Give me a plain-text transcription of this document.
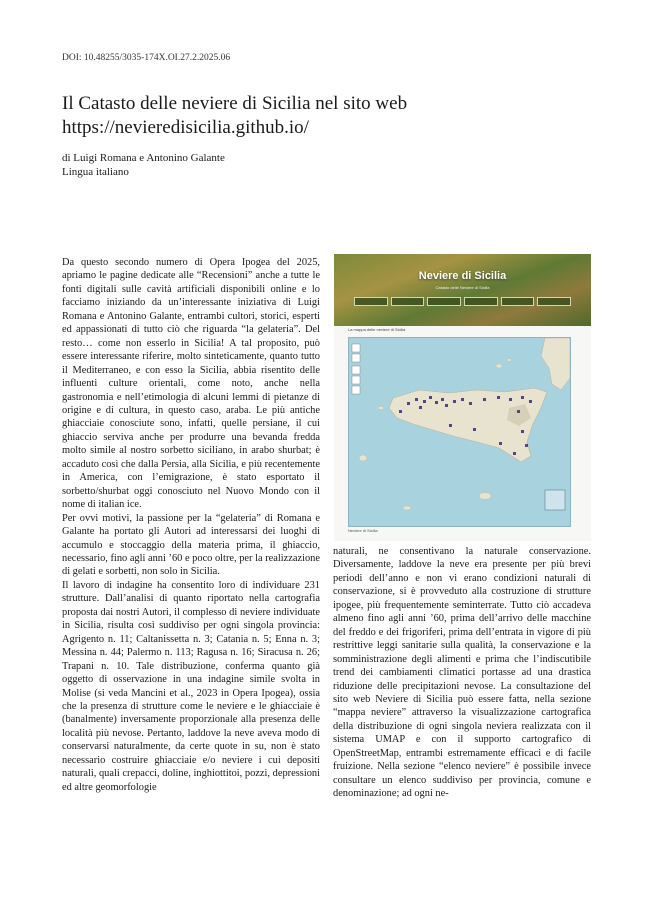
DOI: 10.48255/3035-174X.OI.27.2.2025.06
Il Catasto delle neviere di Sicilia nel sito web
https://nevieredisicilia.github.io/
di Luigi Romana e Antonino Galante
Lingua italiano

Da questo secondo numero di Opera Ipogea del 2025, apriamo le pagine dedicate alle “Recensioni” anche a tutte le fonti digitali sulle cavità artificiali disponibili online e lo facciamo iniziando da un’interessante iniziativa di Luigi Romana e Antonino Galante, entrambi cultori, storici, esperti ed appassionati di tutto ciò che riguarda “la gelateria”. Del resto… come non esserlo in Sicilia! A tal proposito, può essere interessante riferire, molto sinteticamente, quanto tutto il Mediterraneo, e con esso la Sicilia, abbia risentito delle influenti culture orientali, come noto, anche nella gastronomia e nell’etimologia di alcuni lemmi di pietanze di origine e di cultura, in questo caso, araba. Le più antiche ghiacciaie conosciute sono, infatti, quelle persiane, il cui ghiaccio serviva anche per produrre una bevanda fredda molto simile al nostro sorbetto siciliano, in arabo shurbat; è accaduto così che dalla Persia, alla Sicilia, e più recentemente in America, con l’emigrazione, è stato esportato il sorbetto/shurbat oggi conosciuto nel Nuovo Mondo con il nome di italian ice.

Per ovvi motivi, la passione per la “gelateria” di Romana e Galante ha portato gli Autori ad interessarsi dei luoghi di accumulo e stoccaggio della materia prima, il ghiaccio, necessario, fino agli anni ’60 e poco oltre, per la realizzazione di gelati e sorbetti, non solo in Sicilia.

Il lavoro di indagine ha consentito loro di individuare 231 strutture. Dall’analisi di quanto riportato nella cartografia proposta dai nostri Autori, il complesso di neviere individuate in Sicilia, risulta così suddiviso per ogni singola provincia: Agrigento n. 11; Caltanissetta n. 3; Catania n. 5; Enna n. 3; Messina n. 44; Palermo n. 113; Ragusa n. 16; Siracusa n. 26; Trapani n. 10. Tale distribuzione, conferma quanto già oggetto di osservazione in una indagine simile svolta in Molise (si veda Mancini et al., 2023 in Opera Ipogea), ossia che la presenza di strutture come le neviere e le ghiacciaie è (banalmente) inversamente proporzionale alla presenza delle località più nevose. Pertanto, laddove la neve aveva modo di conservarsi naturalmente, da certe quote in su, non è stato necessario costruire ghiacciaie e/o neviere i cui depositi naturali, quali crepacci, doline, inghiottitoi, pozzi, depressioni ed altre geomorfologie

Neviere di Sicilia
Catasto delle Neviere di Sicilia
La mappa delle neviere di Sicilia
Neviere di Sicilia

naturali, ne consentivano la naturale conservazione. Diversamente, laddove la neve era presente per più brevi periodi dell’anno e non vi erano condizioni naturali di conservazione, si è provveduto alla costruzione di strutture ipogee, più frequentemente seminterrate. Tutto ciò accadeva almeno fino agli anni ’60, prima dell’arrivo delle macchine del freddo e dei frigoriferi, prima dell’entrata in vigore di più restrittive leggi sanitarie sulla qualità, la conservazione e la somministrazione degli alimenti e prima che l’indiscutibile trend dei cambiamenti climatici portasse ad una drastica riduzione delle precipitazioni nevose. La consultazione del sito web Neviere di Sicilia può essere fatta, nella sezione “mappa neviere” attraverso la visualizzazione cartografica della distribuzione di ogni singola neviera realizzata con il sistema UMAP e con il supporto cartografico di OpenStreetMap, entrambi estremamente efficaci e di facile fruizione. Nella sezione “elenco neviere” è possibile invece consultare un elenco suddiviso per provincia, comune e denominazione; ad ogni ne-
